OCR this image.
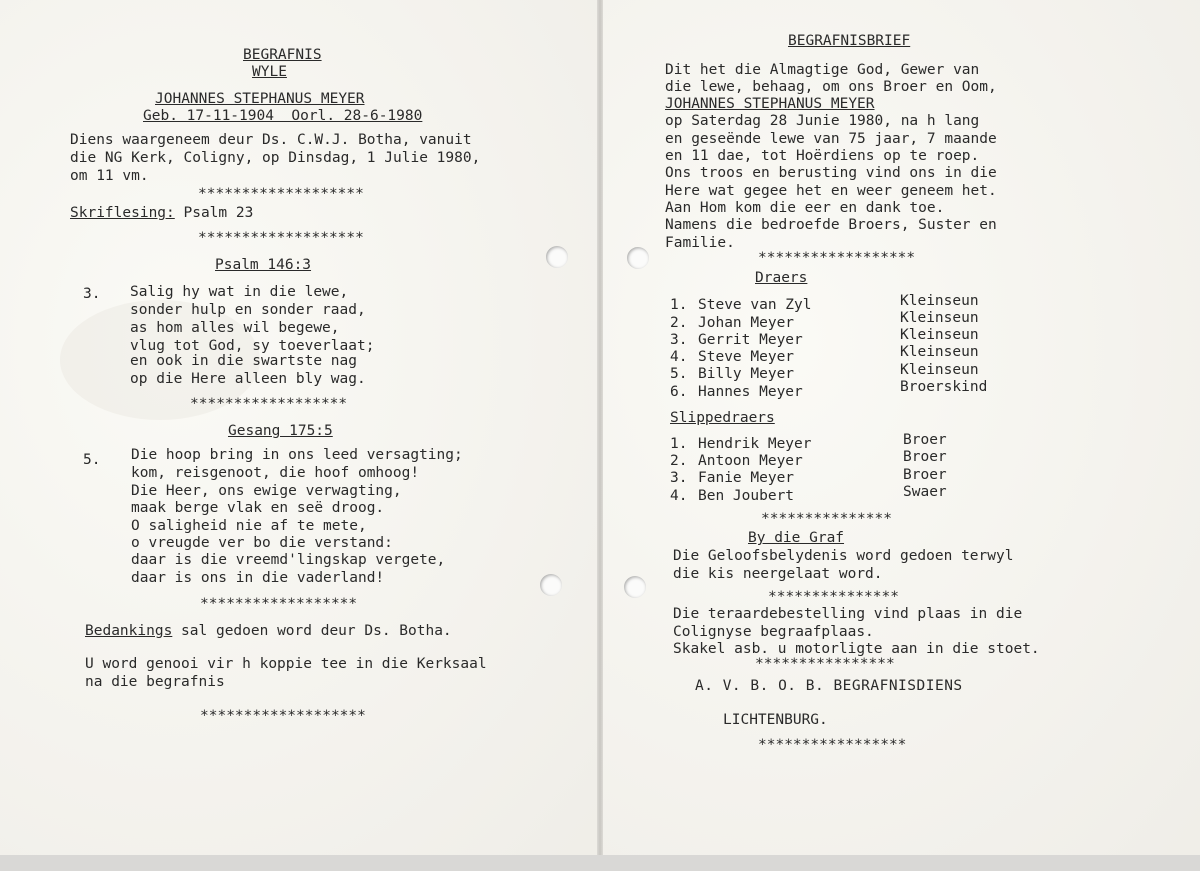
BEGRAFNIS
WYLE
JOHANNES STEPHANUS MEYER
Geb. 17-11-1904  Oorl. 28-6-1980
Diens waargeneem deur Ds. C.W.J. Botha, vanuit
die NG Kerk, Coligny, op Dinsdag, 1 Julie 1980,
om 11 vm.
*******************
Skriflesing: Psalm 23
*******************
Psalm 146:3
3. Salig hy wat in die lewe,
sonder hulp en sonder raad,
as hom alles wil begewe,
vlug tot God, sy toeverlaat;
en ook in die swartste nag
op die Here alleen bly wag.
******************
Gesang 175:5
5. Die hoop bring in ons leed versagting;
kom, reisgenoot, die hoof omhoog!
Die Heer, ons ewige verwagting,
maak berge vlak en seë droog.
O saligheid nie af te mete,
o vreugde ver bo die verstand:
daar is die vreemd'lingskap vergete,
daar is ons in die vaderland!
******************
Bedankings sal gedoen word deur Ds. Botha.
U word genooi vir h koppie tee in die Kerksaal
na die begrafnis
*******************
BEGRAFNISBRIEF
Dit het die Almagtige God, Gewer van
die lewe, behaag, om ons Broer en Oom,
JOHANNES STEPHANUS MEYER
op Saterdag 28 Junie 1980, na h lang
en geseënde lewe van 75 jaar, 7 maande
en 11 dae, tot Hoërdiens op te roep.
Ons troos en berusting vind ons in die
Here wat gegee het en weer geneem het.
Aan Hom kom die eer en dank toe.
Namens die bedroefde Broers, Suster en
Familie.
******************
Draers
1. Steve van Zyl	Kleinseun
2. Johan Meyer	Kleinseun
3. Gerrit Meyer	Kleinseun
4. Steve Meyer	Kleinseun
5. Billy Meyer	Kleinseun
6. Hannes Meyer	Broerskind
Slippedraers
1. Hendrik Meyer	Broer
2. Antoon Meyer	Broer
3. Fanie Meyer	Broer
4. Ben Joubert	Swaer
***************
By die Graf
Die Geloofsbelydenis word gedoen terwyl
die kis neergelaat word.
***************
Die teraardebestelling vind plaas in die
Colignyse begraafplaas.
Skakel asb. u motorligte aan in die stoet.
****************
A. V. B. O. B. BEGRAFNISDIENS
LICHTENBURG.
*****************
